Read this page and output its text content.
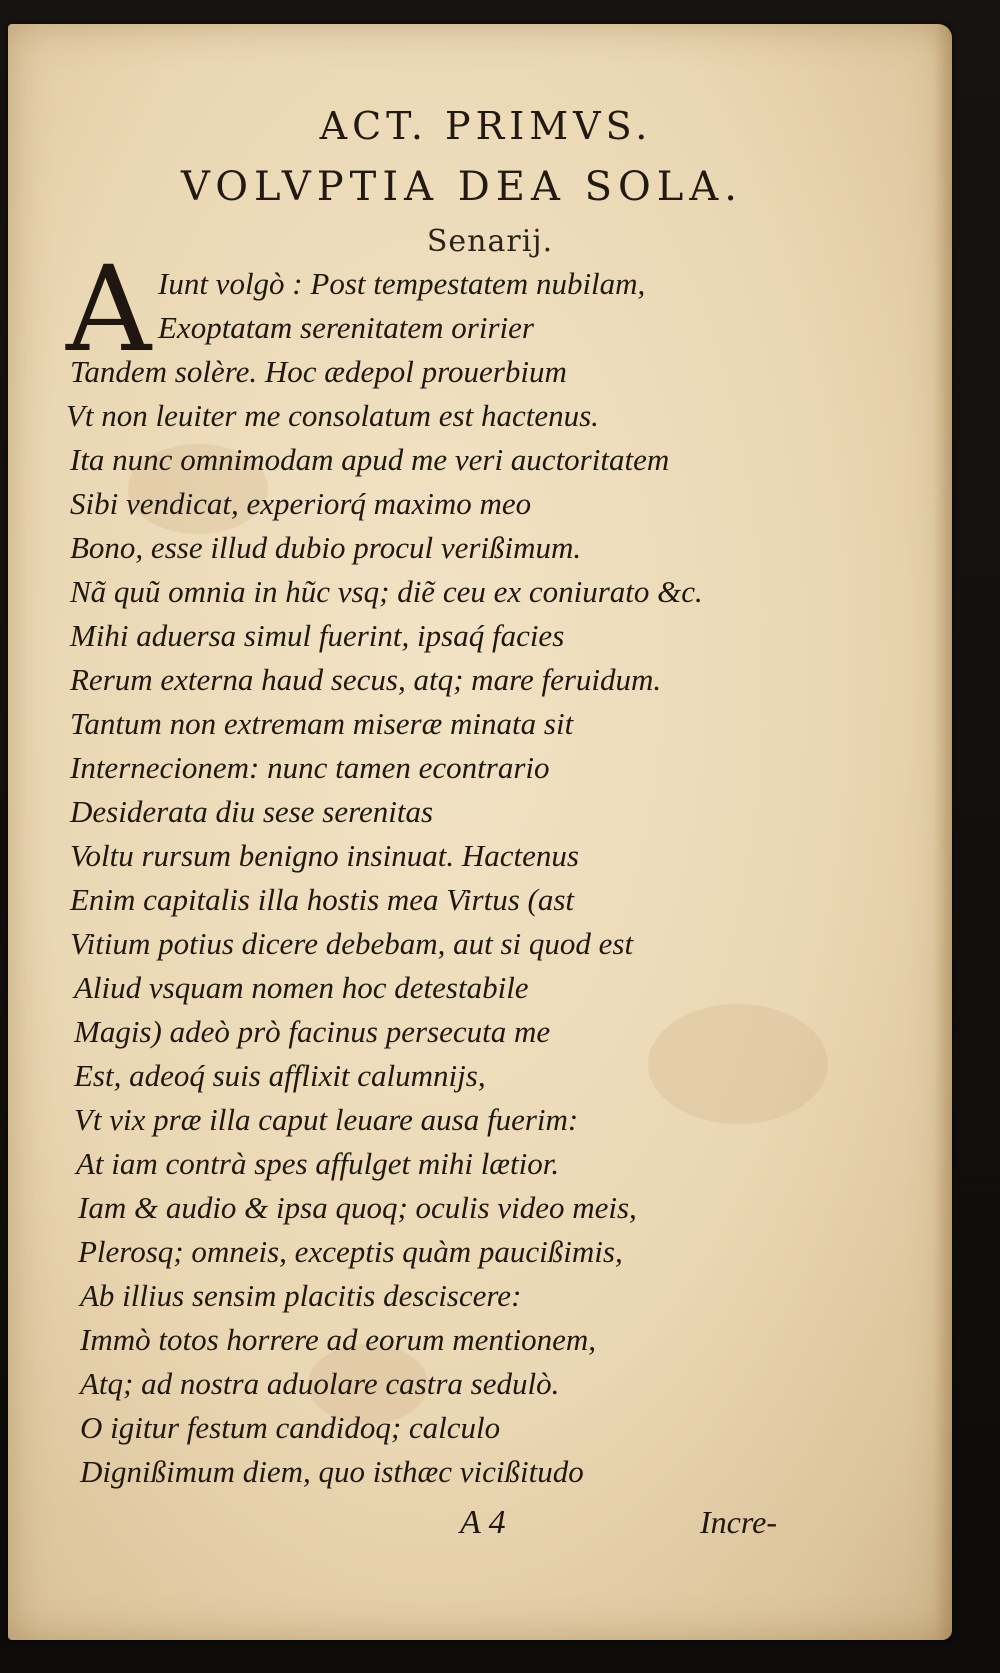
ACT. PRIMVS.
VOLVPTIA DEA SOLA.
Senarij.
A Iunt volgò : Post tempestatem nubilam,
Exoptatam serenitatem oririer
Tandem solère. Hoc ædepol prouerbium
Vt non leuiter me consolatum est hactenus.
Ita nunc omnimodam apud me veri auctoritatem
Sibi vendicat, experiorq́ maximo meo
Bono, esse illud dubio procul verißimum.
Nã quũ omnia in hũc vsq; diẽ ceu ex coniurato &c.
Mihi aduersa simul fuerint, ipsaq́ facies
Rerum externa haud secus, atq; mare feruidum.
Tantum non extremam miseræ minata sit
Internecionem: nunc tamen econtrario
Desiderata diu sese serenitas
Voltu rursum benigno insinuat. Hactenus
Enim capitalis illa hostis mea Virtus (ast
Vitium potius dicere debebam, aut si quod est
Aliud vsquam nomen hoc detestabile
Magis) adeò prò facinus persecuta me
Est, adeoq́ suis afflixit calumnijs,
Vt vix præ illa caput leuare ausa fuerim:
At iam contrà spes affulget mihi lætior.
Iam & audio & ipsa quoq; oculis video meis,
Plerosq; omneis, exceptis quàm paucißimis,
Ab illius sensim placitis desciscere:
Immò totos horrere ad eorum mentionem,
Atq; ad nostra aduolare castra sedulò.
O igitur festum candidoq; calculo
Dignißimum diem, quo isthæc vicißitudo
A 4	Incre-
